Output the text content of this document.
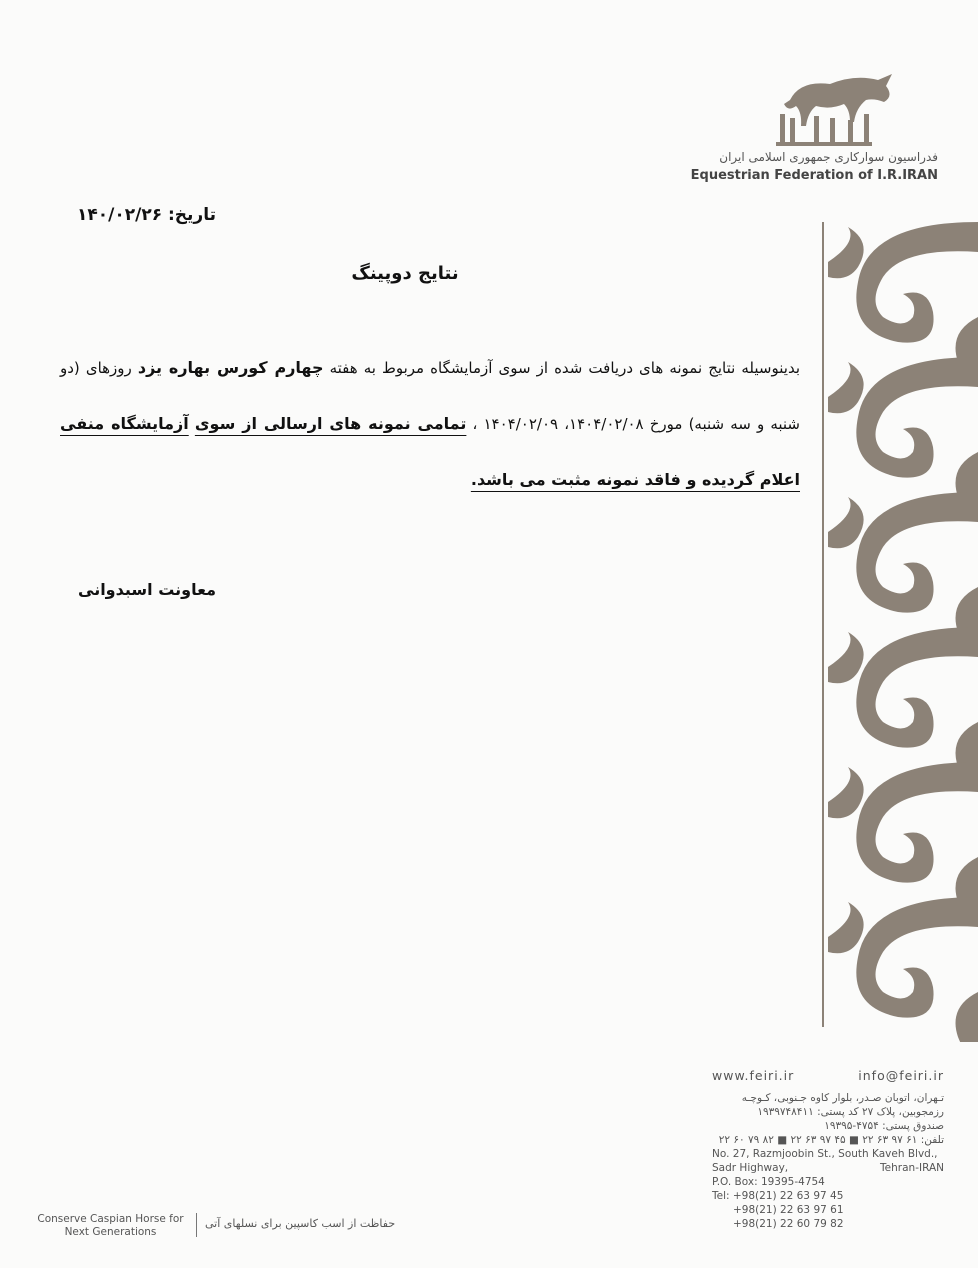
فدراسیون سوارکاری جمهوری اسلامی ایران
Equestrian Federation of I.R.IRAN
تاریخ: ۱۴۰/۰۲/۲۶
نتایج دوپینگ
بدینوسیله نتایج نمونه های دریافت شده از سوی آزمایشگاه مربوط به هفته چهارم کورس بهاره یزد روزهای (دو شنبه و سه شنبه) مورخ ۱۴۰۴/۰۲/۰۸، ۱۴۰۴/۰۲/۰۹ ، تمامی نمونه های ارسالی از سوی آزمایشگاه منفی اعلام گردیده و فاقد نمونه مثبت می باشد.
معاونت اسبدوانی
www.feiri.ir	info@feiri.ir
تـهران، اتوبان صـدر، بلوار کاوه جـنوبی، کـوچـه
رزمجوبین، پلاک ۲۷ کد پستی: ۱۹۳۹۷۴۸۴۱۱
صندوق پستی: ۴۷۵۴-۱۹۳۹۵
تلفن: ۶۱ ۹۷ ۶۳ ۲۲ ■ ۴۵ ۹۷ ۶۳ ۲۲ ■ ۸۲ ۷۹ ۶۰ ۲۲
No. 27, Razmjoobin St., South Kaveh Blvd.,
Sadr Highway,	Tehran-IRAN
P.O. Box: 19395-4754
Tel: +98(21) 22 63 97 45
+98(21) 22 63 97 61
+98(21) 22 60 79 82
Conserve Caspian Horse for
Next Generations
حفاظت از اسب کاسپین برای نسلهای آتی
